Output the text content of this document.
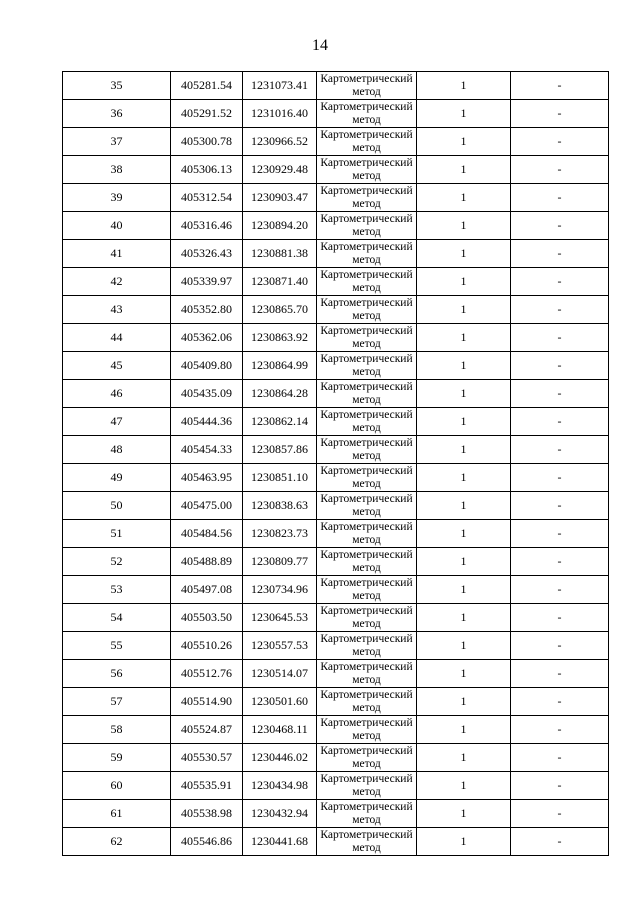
14
35	405281.54	1231073.41	Картометрический метод	1	-
36	405291.52	1231016.40	Картометрический метод	1	-
37	405300.78	1230966.52	Картометрический метод	1	-
38	405306.13	1230929.48	Картометрический метод	1	-
39	405312.54	1230903.47	Картометрический метод	1	-
40	405316.46	1230894.20	Картометрический метод	1	-
41	405326.43	1230881.38	Картометрический метод	1	-
42	405339.97	1230871.40	Картометрический метод	1	-
43	405352.80	1230865.70	Картометрический метод	1	-
44	405362.06	1230863.92	Картометрический метод	1	-
45	405409.80	1230864.99	Картометрический метод	1	-
46	405435.09	1230864.28	Картометрический метод	1	-
47	405444.36	1230862.14	Картометрический метод	1	-
48	405454.33	1230857.86	Картометрический метод	1	-
49	405463.95	1230851.10	Картометрический метод	1	-
50	405475.00	1230838.63	Картометрический метод	1	-
51	405484.56	1230823.73	Картометрический метод	1	-
52	405488.89	1230809.77	Картометрический метод	1	-
53	405497.08	1230734.96	Картометрический метод	1	-
54	405503.50	1230645.53	Картометрический метод	1	-
55	405510.26	1230557.53	Картометрический метод	1	-
56	405512.76	1230514.07	Картометрический метод	1	-
57	405514.90	1230501.60	Картометрический метод	1	-
58	405524.87	1230468.11	Картометрический метод	1	-
59	405530.57	1230446.02	Картометрический метод	1	-
60	405535.91	1230434.98	Картометрический метод	1	-
61	405538.98	1230432.94	Картометрический метод	1	-
62	405546.86	1230441.68	Картометрический метод	1	-
